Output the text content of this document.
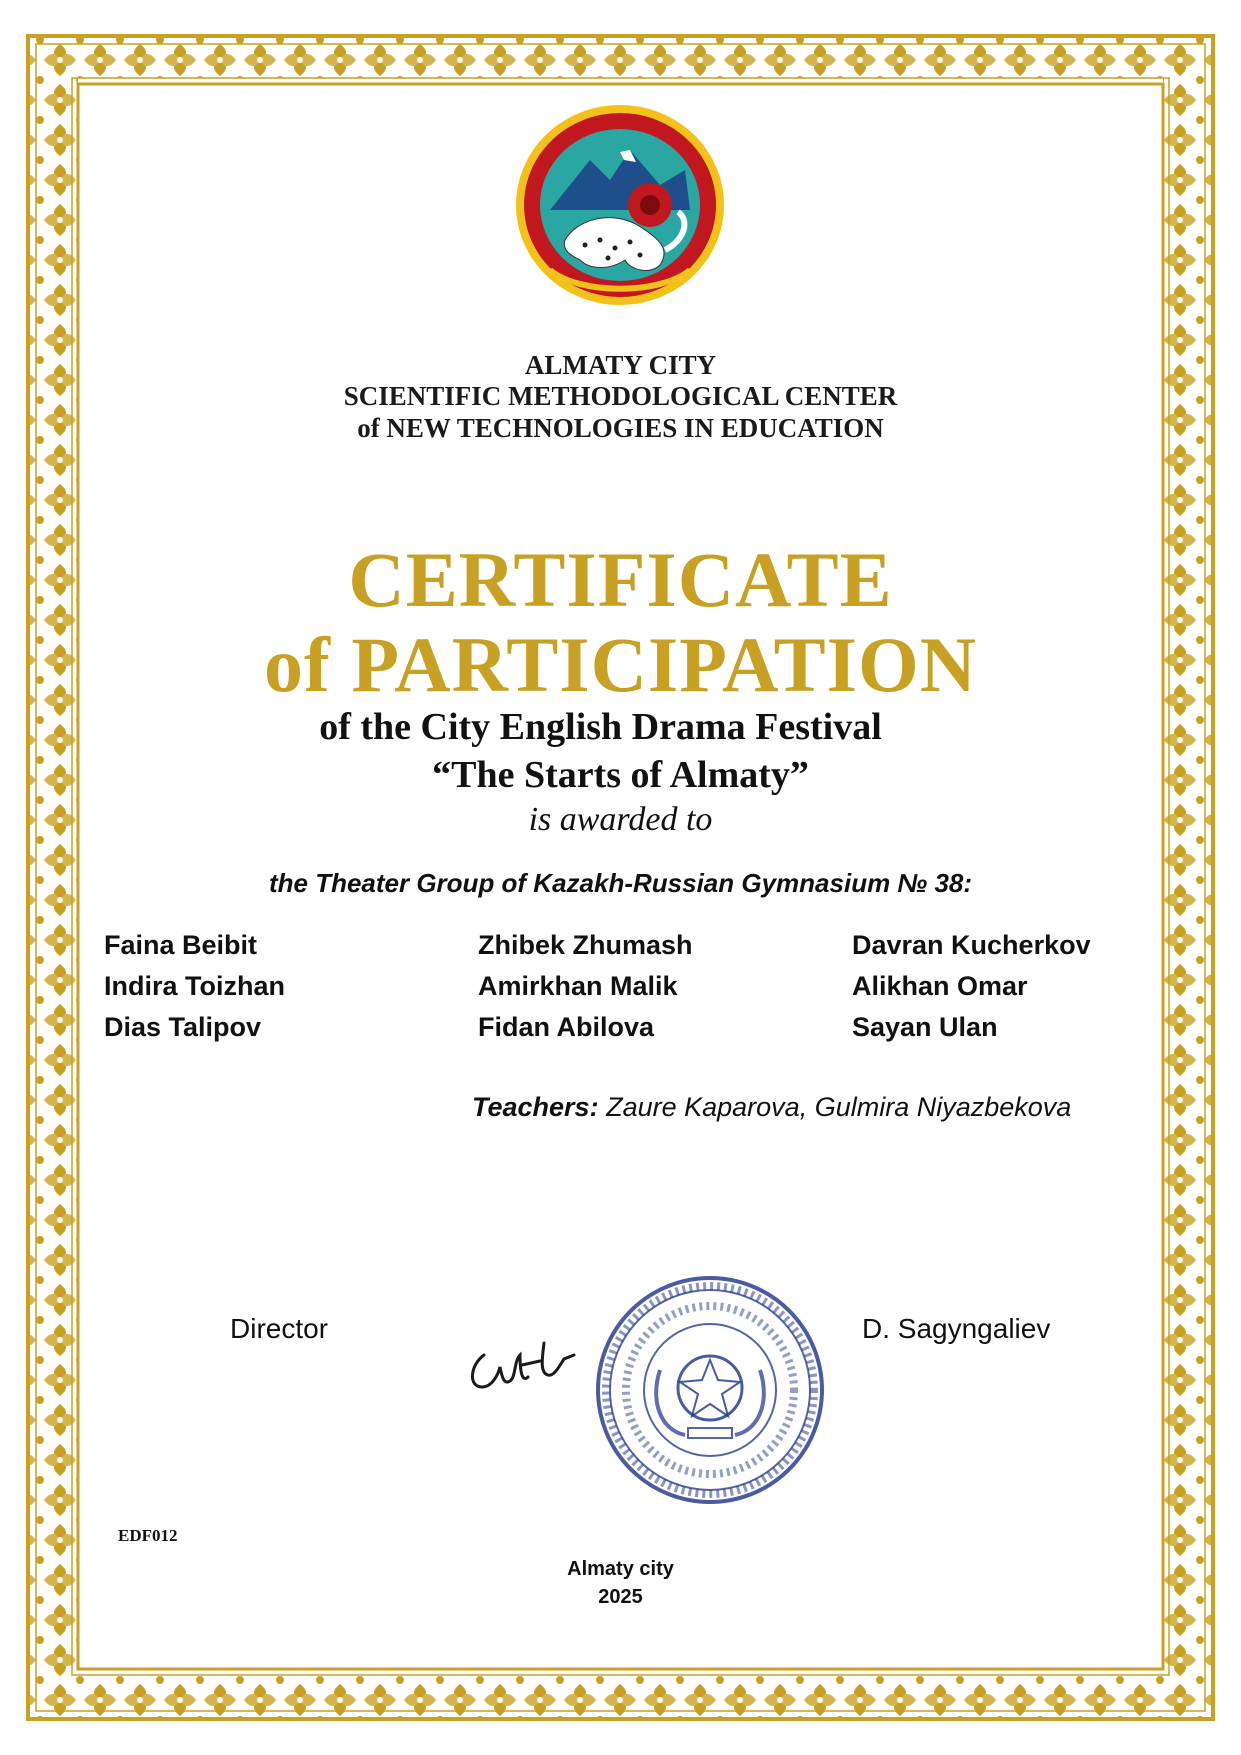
ALMATY CITY
SCIENTIFIC METHODOLOGICAL CENTER
of NEW TECHNOLOGIES IN EDUCATION
CERTIFICATE
of PARTICIPATION
of the City English Drama Festival
“The Starts of Almaty”
is awarded to
the Theater Group of Kazakh-Russian Gymnasium № 38:
Faina Beibit
Indira Toizhan
Dias Talipov
Zhibek Zhumash
Amirkhan Malik
Fidan Abilova
Davran Kucherkov
Alikhan Omar
Sayan Ulan
Teachers: Zaure Kaparova, Gulmira Niyazbekova
Director	D. Sagyngaliev
EDF012
Almaty city
2025
